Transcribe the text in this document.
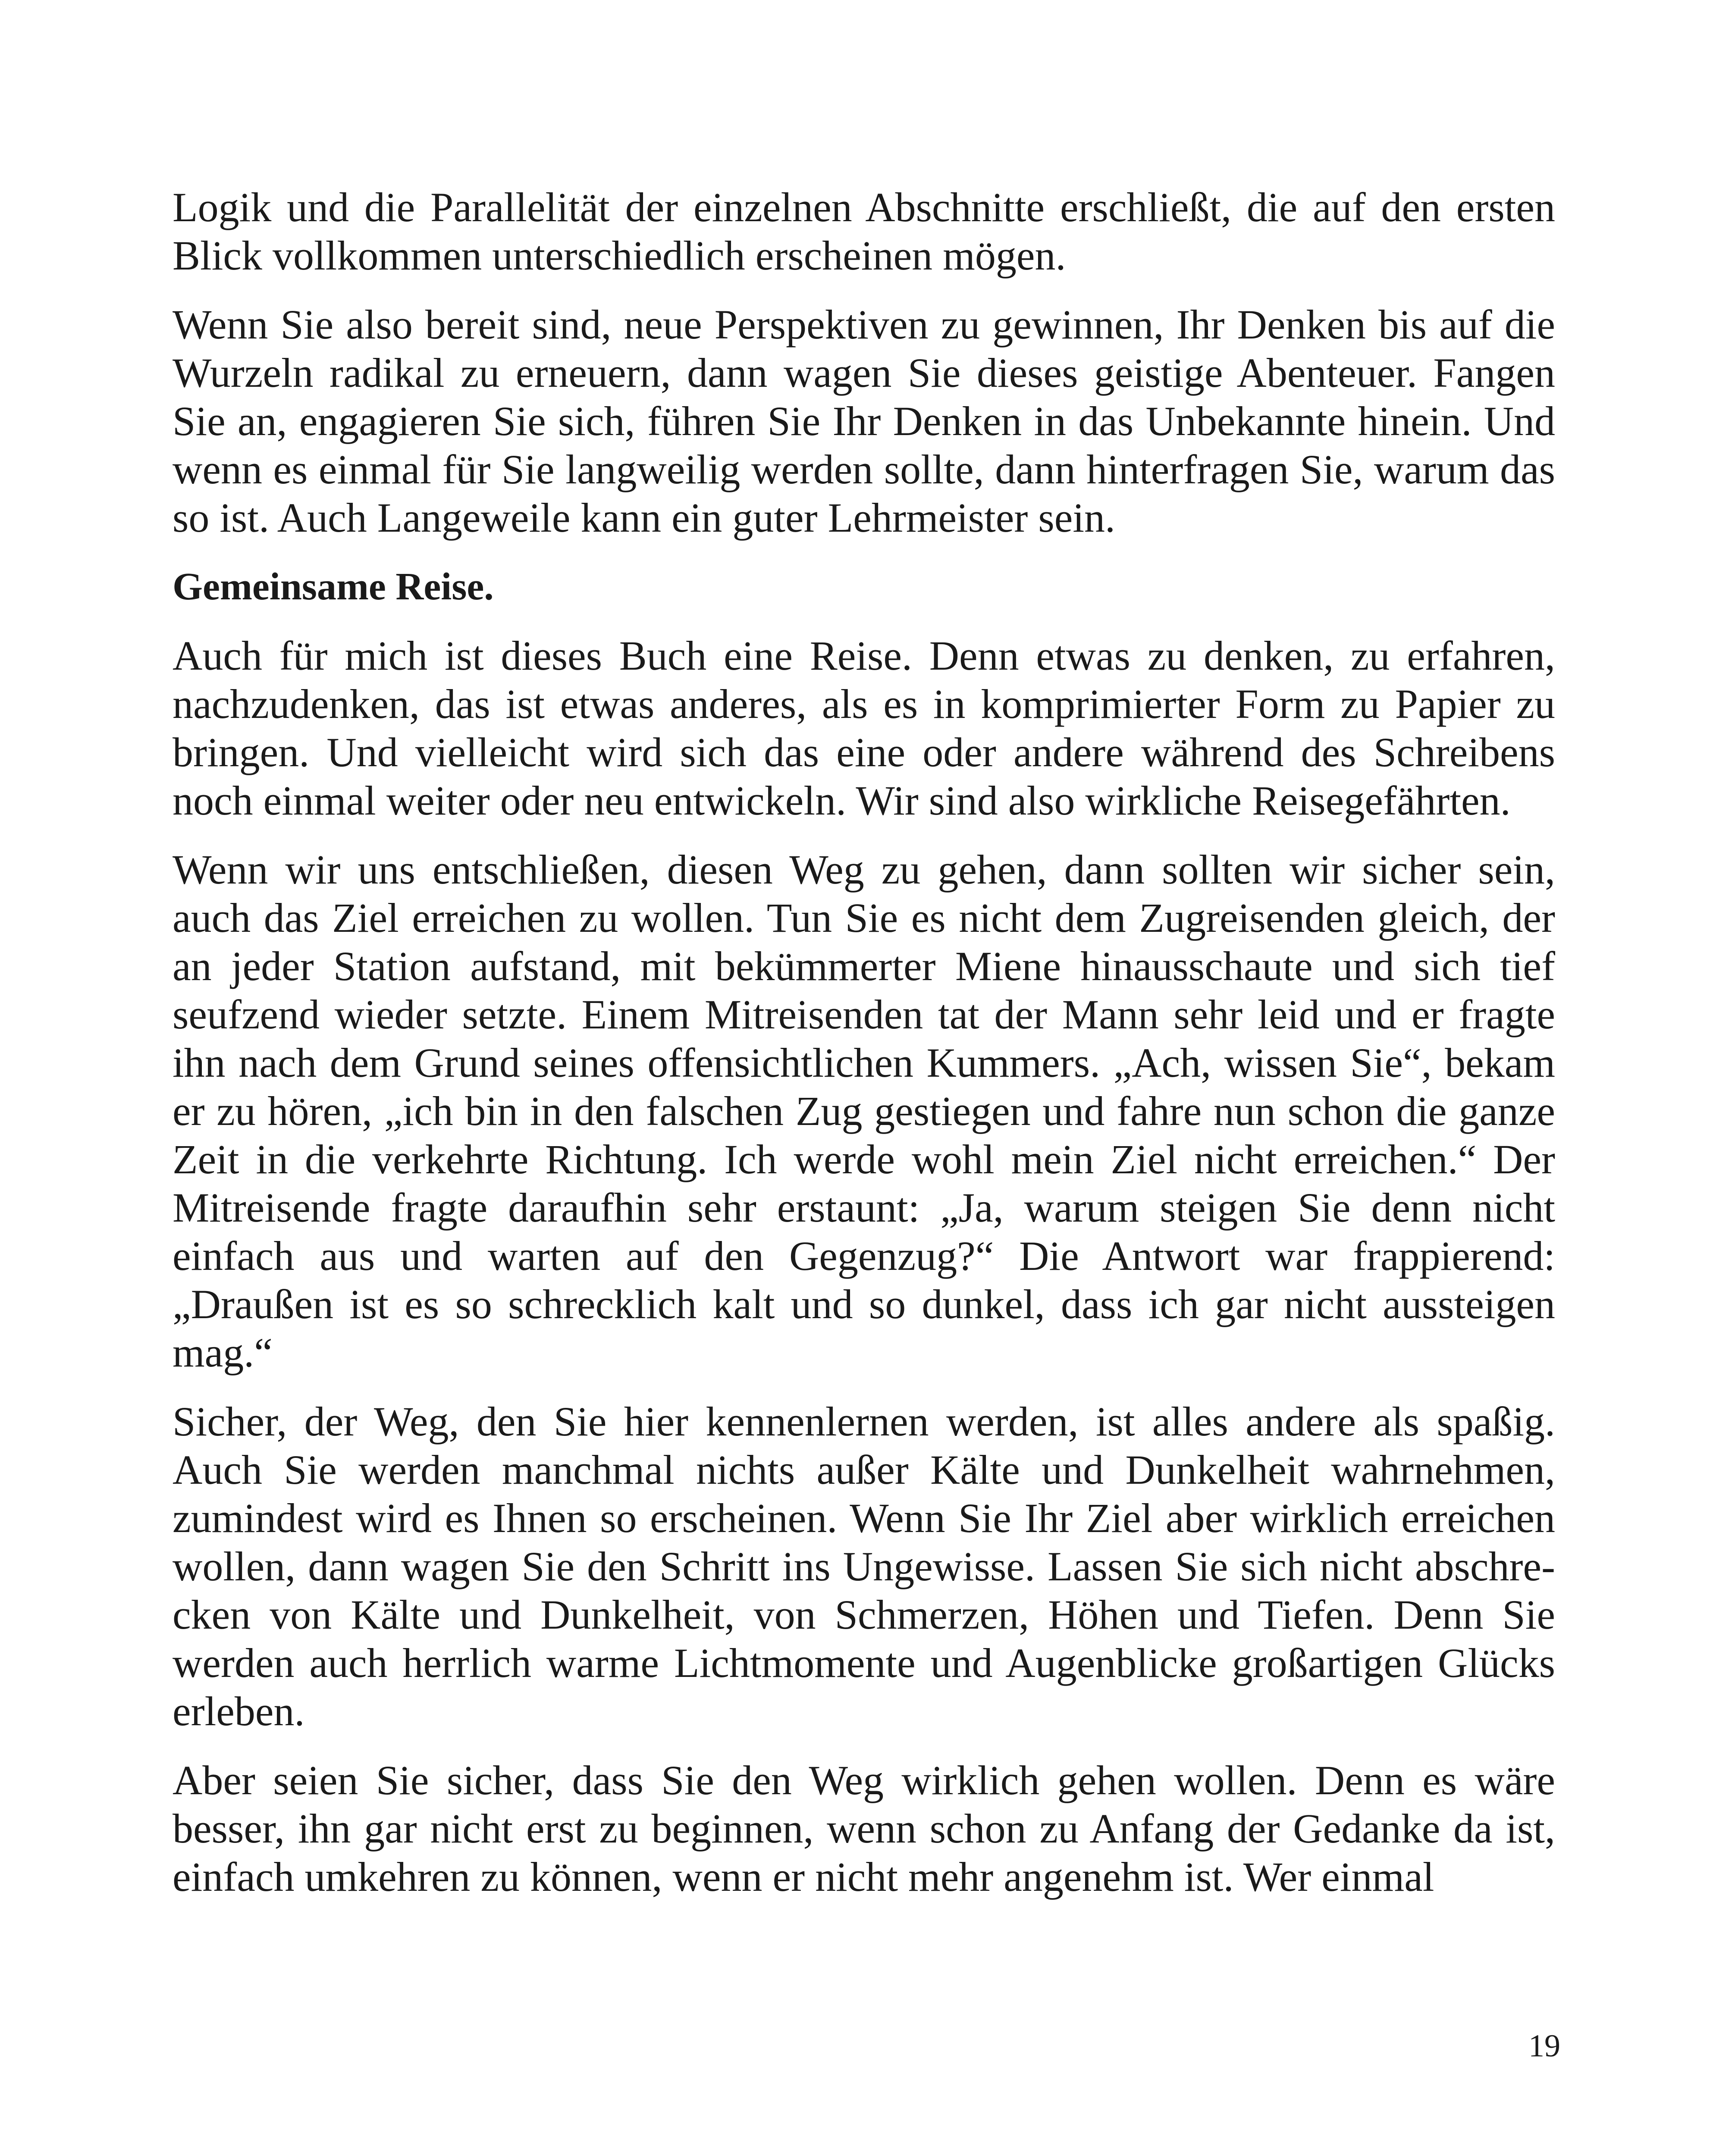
Logik und die Parallelität der einzelnen Abschnitte erschließt, die auf den ersten Blick vollkommen unterschiedlich erscheinen mögen.

Wenn Sie also bereit sind, neue Perspektiven zu gewinnen, Ihr Denken bis auf die Wurzeln radikal zu erneuern, dann wagen Sie dieses geistige Abenteuer. Fangen Sie an, engagieren Sie sich, führen Sie Ihr Denken in das Unbekannte hinein. Und wenn es einmal für Sie langweilig werden sollte, dann hinterfragen Sie, warum das so ist. Auch Langeweile kann ein guter Lehrmeister sein.

Gemeinsame Reise.

Auch für mich ist dieses Buch eine Reise. Denn etwas zu denken, zu erfahren, nachzudenken, das ist etwas anderes, als es in komprimierter Form zu Papier zu bringen. Und vielleicht wird sich das eine oder andere während des Schreibens noch einmal weiter oder neu entwickeln. Wir sind also wirkliche Reisegefährten.

Wenn wir uns entschließen, diesen Weg zu gehen, dann sollten wir sicher sein, auch das Ziel erreichen zu wollen. Tun Sie es nicht dem Zugreisenden gleich, der an jeder Station aufstand, mit bekümmerter Miene hinausschaute und sich tief seufzend wieder setzte. Einem Mitreisenden tat der Mann sehr leid und er fragte ihn nach dem Grund seines offensichtlichen Kummers. „Ach, wissen Sie“, bekam er zu hören, „ich bin in den falschen Zug gestiegen und fahre nun schon die ganze Zeit in die verkehrte Richtung. Ich werde wohl mein Ziel nicht erreichen.“ Der Mitreisende fragte daraufhin sehr erstaunt: „Ja, warum steigen Sie denn nicht einfach aus und warten auf den Gegenzug?“ Die Antwort war frappierend: „Draußen ist es so schrecklich kalt und so dunkel, dass ich gar nicht aussteigen mag.“

Sicher, der Weg, den Sie hier kennenlernen werden, ist alles andere als spaßig. Auch Sie werden manchmal nichts außer Kälte und Dunkelheit wahrnehmen, zumindest wird es Ihnen so erscheinen. Wenn Sie Ihr Ziel aber wirklich erreichen wollen, dann wagen Sie den Schritt ins Ungewisse. Lassen Sie sich nicht abschrecken von Kälte und Dunkelheit, von Schmerzen, Höhen und Tiefen. Denn Sie werden auch herrlich warme Lichtmomente und Augenblicke großartigen Glücks erleben.

Aber seien Sie sicher, dass Sie den Weg wirklich gehen wollen. Denn es wäre besser, ihn gar nicht erst zu beginnen, wenn schon zu Anfang der Gedanke da ist, einfach umkehren zu können, wenn er nicht mehr angenehm ist. Wer einmal

19
